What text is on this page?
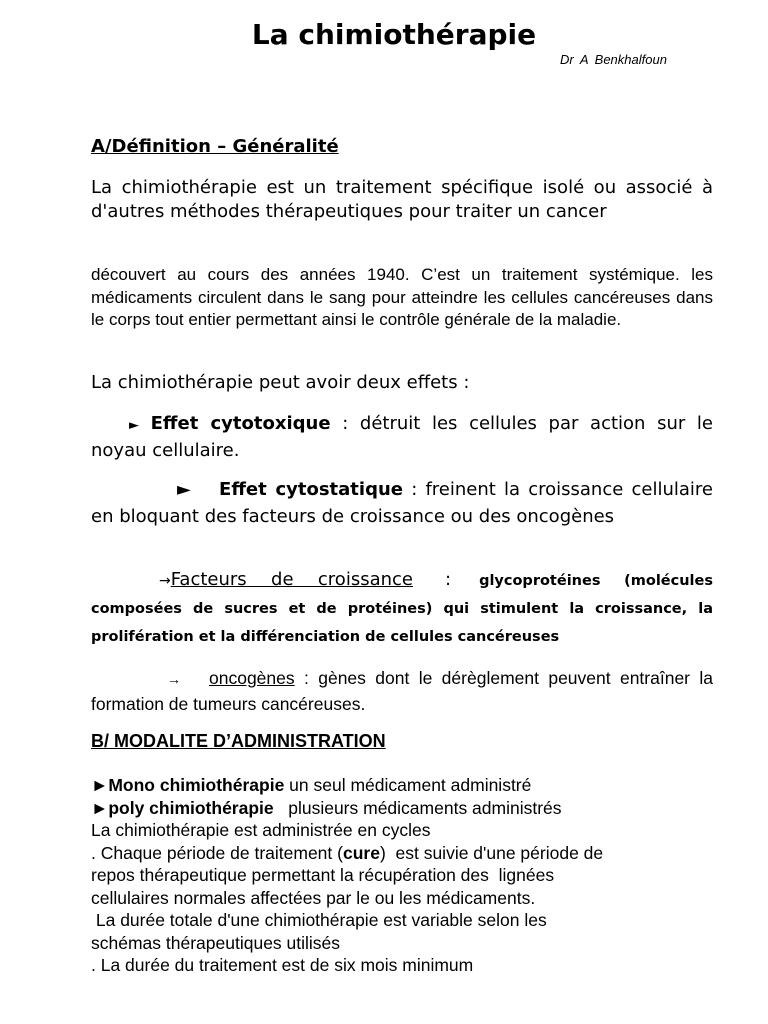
La chimiothérapie
Dr A Benkhalfoun
A/Définition – Généralité
La chimiothérapie est un traitement spécifique isolé ou associé à d'autres méthodes thérapeutiques pour traiter un cancer
découvert au cours des années 1940. C’est un traitement systémique. les médicaments circulent dans le sang pour atteindre les cellules cancéreuses dans le corps tout entier permettant ainsi le contrôle générale de la maladie.
La chimiothérapie peut avoir deux effets :
► Effet cytotoxique : détruit les cellules par action sur le noyau cellulaire.
► Effet cytostatique : freinent la croissance cellulaire en bloquant des facteurs de croissance ou des oncogènes
→Facteurs de croissance : glycoprotéines (molécules composées de sucres et de protéines) qui stimulent la croissance, la prolifération et la différenciation de cellules cancéreuses
→ oncogènes : gènes dont le dérèglement peuvent entraîner la formation de tumeurs cancéreuses.
B/ MODALITE D’ADMINISTRATION
►Mono chimiothérapie un seul médicament administré
►poly chimiothérapie   plusieurs médicaments administrés
La chimiothérapie est administrée en cycles
. Chaque période de traitement (cure)  est suivie d'une période de
repos thérapeutique permettant la récupération des  lignées
cellulaires normales affectées par le ou les médicaments.
La durée totale d'une chimiothérapie est variable selon les
schémas thérapeutiques utilisés
. La durée du traitement est de six mois minimum
